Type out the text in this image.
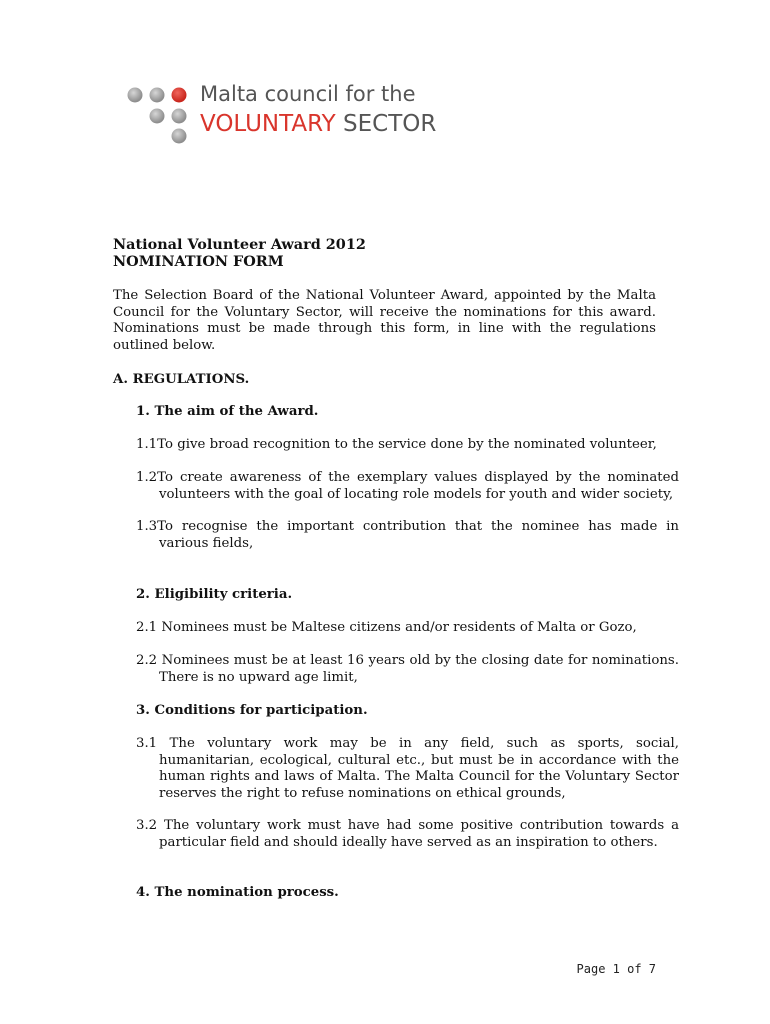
Malta council for the
VOLUNTARY SECTOR
National Volunteer Award 2012
NOMINATION FORM
The Selection Board of the National Volunteer Award, appointed by the Malta Council for the Voluntary Sector, will receive the nominations for this award. Nominations must be made through this form, in line with the regulations outlined below.
A. REGULATIONS.
1. The aim of the Award.
1.1To give broad recognition to the service done by the nominated volunteer,
1.2To create awareness of the exemplary values displayed by the nominated volunteers with the goal of locating role models for youth and wider society,
1.3To recognise the important contribution that the nominee has made in various fields,
2. Eligibility criteria.
2.1 Nominees must be Maltese citizens and/or residents of Malta or Gozo,
2.2 Nominees must be at least 16 years old by the closing date for nominations. There is no upward age limit,
3. Conditions for participation.
3.1 The voluntary work may be in any field, such as sports, social, humanitarian, ecological, cultural etc., but must be in accordance with the human rights and laws of Malta. The Malta Council for the Voluntary Sector reserves the right to refuse nominations on ethical grounds,
3.2 The voluntary work must have had some positive contribution towards a particular field and should ideally have served as an inspiration to others.
4. The nomination process.
Page 1 of 7
